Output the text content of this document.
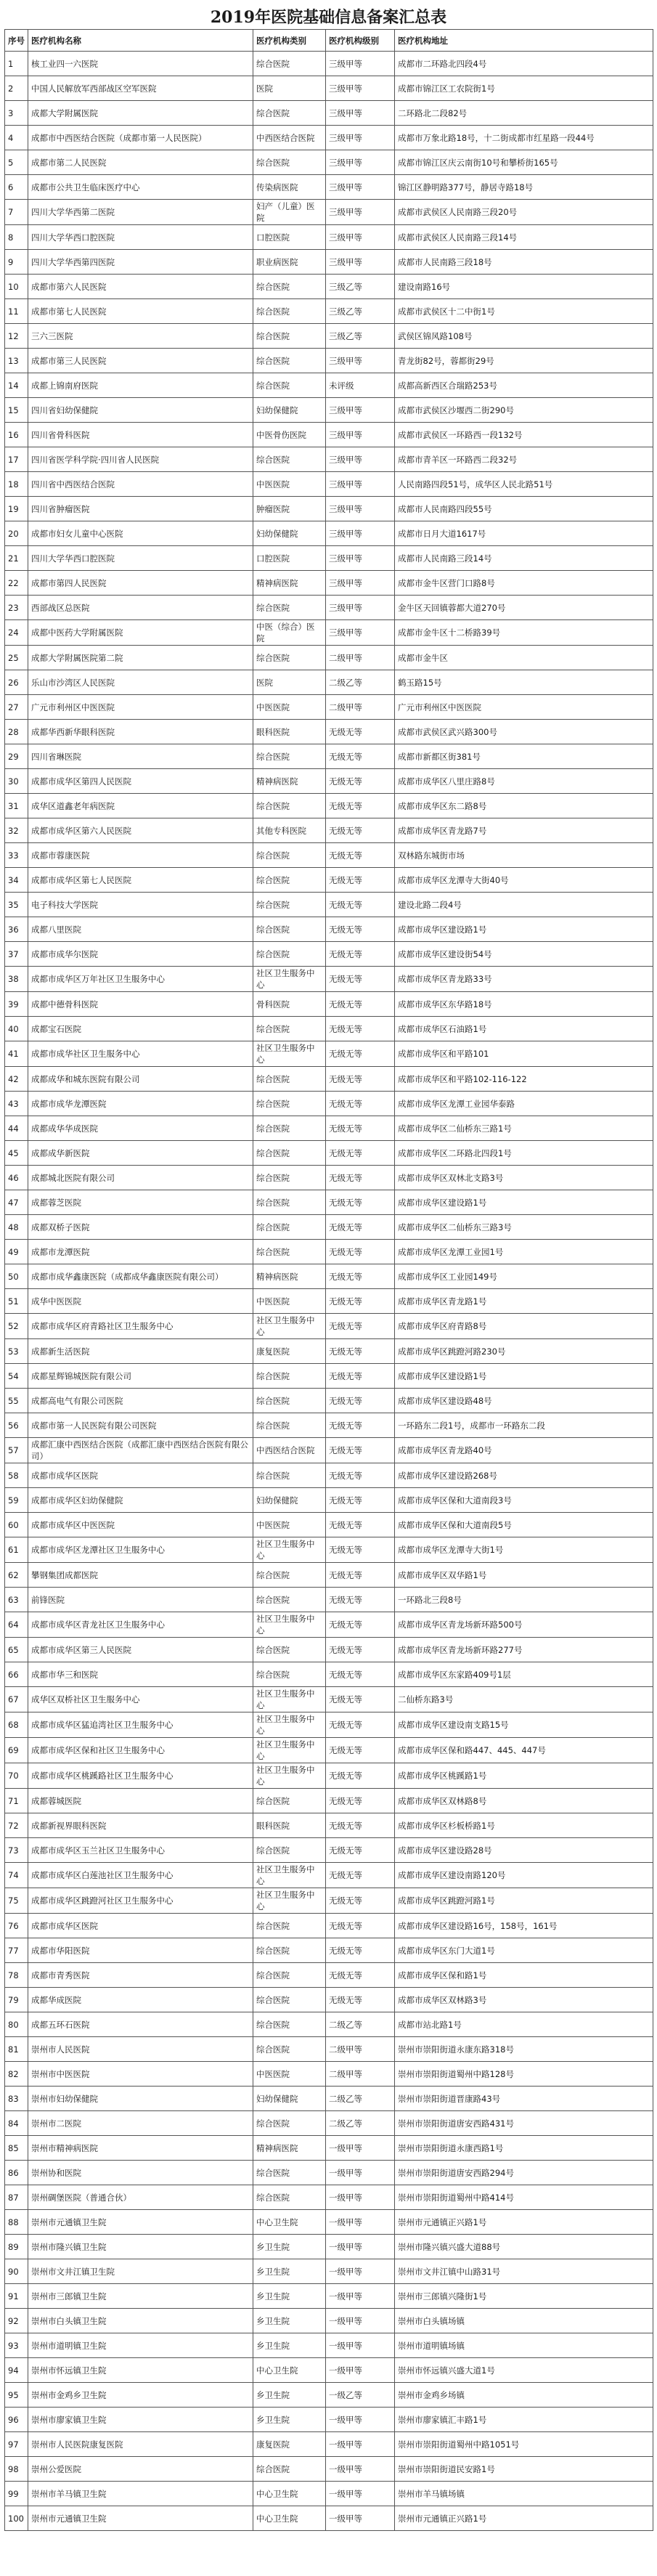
2019年医院基础信息备案汇总表
序号	医疗机构名称	医疗机构类别	医疗机构级别	医疗机构地址
1	核工业四一六医院	综合医院	三级甲等	成都市二环路北四段4号
2	中国人民解放军西部战区空军医院	医院	三级甲等	成都市锦江区工农院街1号
3	成都大学附属医院	综合医院	三级甲等	二环路北二段82号
4	成都市中西医结合医院（成都市第一人民医院）	中西医结合医院	三级甲等	成都市万象北路18号，十二街成都市红星路一段44号
5	成都市第二人民医院	综合医院	三级甲等	成都市锦江区庆云南街10号和攀桥街165号
6	成都市公共卫生临床医疗中心	传染病医院	三级甲等	锦江区静明路377号，静居寺路18号
7	四川大学华西第二医院	妇产（儿童）医院	三级甲等	成都市武侯区人民南路三段20号
8	四川大学华西口腔医院	口腔医院	三级甲等	成都市武侯区人民南路三段14号
9	四川大学华西第四医院	职业病医院	三级甲等	成都市人民南路三段18号
10	成都市第六人民医院	综合医院	三级乙等	建设南路16号
11	成都市第七人民医院	综合医院	三级乙等	成都市武侯区十二中街1号
12	三六三医院	综合医院	三级乙等	武侯区锦风路108号
13	成都市第三人民医院	综合医院	三级甲等	青龙街82号，蓉都街29号
14	成都上锦南府医院	综合医院	未评级	成都高新西区合瑞路253号
15	四川省妇幼保健院	妇幼保健院	三级甲等	成都市武侯区沙堰西二街290号
16	四川省骨科医院	中医骨伤医院	三级甲等	成都市武侯区一环路西一段132号
17	四川省医学科学院·四川省人民医院	综合医院	三级甲等	成都市青羊区一环路西二段32号
18	四川省中西医结合医院	中医医院	三级甲等	人民南路四段51号，成华区人民北路51号
19	四川省肿瘤医院	肿瘤医院	三级甲等	成都市人民南路四段55号
20	成都市妇女儿童中心医院	妇幼保健院	三级甲等	成都市日月大道1617号
21	四川大学华西口腔医院	口腔医院	三级甲等	成都市人民南路三段14号
22	成都市第四人民医院	精神病医院	三级甲等	成都市金牛区营门口路8号
23	西部战区总医院	综合医院	三级甲等	金牛区天回镇蓉都大道270号
24	成都中医药大学附属医院	中医（综合）医院	三级甲等	成都市金牛区十二桥路39号
25	成都大学附属医院第二院	综合医院	二级甲等	成都市金牛区
26	乐山市沙湾区人民医院	医院	二级乙等	鹤玉路15号
27	广元市利州区中医医院	中医医院	二级甲等	广元市利州区中医医院
28	成都华西新华眼科医院	眼科医院	无级无等	成都市武侯区武兴路300号
29	四川省琳医院	综合医院	无级无等	成都市新都区街381号
30	成都市成华区第四人民医院	精神病医院	无级无等	成都市成华区八里庄路8号
31	成华区道鑫老年病医院	综合医院	无级无等	成都市成华区东二路8号
32	成都市成华区第六人民医院	其他专科医院	无级无等	成都市成华区青龙路7号
33	成都市蓉康医院	综合医院	无级无等	双林路东城街市场
34	成都市成华区第七人民医院	综合医院	无级无等	成都市成华区龙潭寺大街40号
35	电子科技大学医院	综合医院	无级无等	建设北路二段4号
36	成都八里医院	综合医院	无级无等	成都市成华区建设路1号
37	成都市成华尔医院	综合医院	无级无等	成都市成华区建设街54号
38	成都市成华区万年社区卫生服务中心	社区卫生服务中心	无级无等	成都市成华区青龙路33号
39	成都中德骨科医院	骨科医院	无级无等	成都市成华区东华路18号
40	成都宝石医院	综合医院	无级无等	成都市成华区石油路1号
41	成都市成华社区卫生服务中心	社区卫生服务中心	无级无等	成都市成华区和平路101
42	成都成华和城东医院有限公司	综合医院	无级无等	成都市成华区和平路102-116-122
43	成都市成华龙潭医院	综合医院	无级无等	成都市成华区龙潭工业园华泰路
44	成都成华华成医院	综合医院	无级无等	成都市成华区二仙桥东三路1号
45	成都成华新医院	综合医院	无级无等	成都市成华区二环路北四段1号
46	成都城北医院有限公司	综合医院	无级无等	成都市成华区双林北支路3号
47	成都蓉芝医院	综合医院	无级无等	成都市成华区建设路1号
48	成都双桥子医院	综合医院	无级无等	成都市成华区二仙桥东三路3号
49	成都市龙潭医院	综合医院	无级无等	成都市成华区龙潭工业园1号
50	成都市成华鑫康医院（成都成华鑫康医院有限公司）	精神病医院	无级无等	成都市成华区工业园149号
51	成华中医医院	中医医院	无级无等	成都市成华区青龙路1号
52	成都市成华区府青路社区卫生服务中心	社区卫生服务中心	无级无等	成都市成华区府青路8号
53	成都新生活医院	康复医院	无级无等	成都市成华区跳蹬河路230号
54	成都星辉锦城医院有限公司	综合医院	无级无等	成都市成华区建设路1号
55	成都高电气有限公司医院	综合医院	无级无等	成都市成华区建设路48号
56	成都市第一人民医院有限公司医院	综合医院	无级无等	一环路东二段1号，成都市一环路东二段
57	成都汇康中西医结合医院（成都汇康中西医结合医院有限公司）	中西医结合医院	无级无等	成都市成华区青龙路40号
58	成都市成华区医院	综合医院	无级无等	成都市成华区建设路268号
59	成都市成华区妇幼保健院	妇幼保健院	无级无等	成都市成华区保和大道南段3号
60	成都市成华区中医医院	中医医院	无级无等	成都市成华区保和大道南段5号
61	成都市成华区龙潭社区卫生服务中心	社区卫生服务中心	无级无等	成都市成华区龙潭寺大街1号
62	攀钢集团成都医院	综合医院	无级无等	成都市成华区双华路1号
63	前锋医院	综合医院	无级无等	一环路北三段8号
64	成都市成华区青龙社区卫生服务中心	社区卫生服务中心	无级无等	成都市成华区青龙场新环路500号
65	成都市成华区第三人民医院	综合医院	无级无等	成都市成华区青龙场新环路277号
66	成都市华三和医院	综合医院	无级无等	成都市成华区东家路409号1层
67	成华区双桥社区卫生服务中心	社区卫生服务中心	无级无等	二仙桥东路3号
68	成都市成华区猛追湾社区卫生服务中心	社区卫生服务中心	无级无等	成都市成华区建设南支路15号
69	成都市成华区保和社区卫生服务中心	社区卫生服务中心	无级无等	成都市成华区保和路447、445、447号
70	成都市成华区桃蹊路社区卫生服务中心	社区卫生服务中心	无级无等	成都市成华区桃蹊路1号
71	成都蓉城医院	综合医院	无级无等	成都市成华区双林路8号
72	成都新视界眼科医院	眼科医院	无级无等	成都市成华区杉板桥路1号
73	成都市成华区玉兰社区卫生服务中心	综合医院	无级无等	成都市成华区建设路28号
74	成都市成华区白莲池社区卫生服务中心	社区卫生服务中心	无级无等	成都市成华区建设南路120号
75	成都市成华区跳蹬河社区卫生服务中心	社区卫生服务中心	无级无等	成都市成华区跳蹬河路1号
76	成都市成华区医院	综合医院	无级无等	成都市成华区建设路16号，158号，161号
77	成都市华阳医院	综合医院	无级无等	成都市成华区东门大道1号
78	成都市青秀医院	综合医院	无级无等	成都市成华区保和路1号
79	成都华成医院	综合医院	无级无等	成都市成华区双林路3号
80	成都五环石医院	综合医院	二级乙等	成都市站北路1号
81	崇州市人民医院	综合医院	二级甲等	崇州市崇阳街道永康东路318号
82	崇州市中医医院	中医医院	二级甲等	崇州市崇阳街道蜀州中路128号
83	崇州市妇幼保健院	妇幼保健院	二级乙等	崇州市崇阳街道晋康路43号
84	崇州市二医院	综合医院	二级乙等	崇州市崇阳街道唐安西路431号
85	崇州市精神病医院	精神病医院	一级甲等	崇州市崇阳街道永康西路1号
86	崇州协和医院	综合医院	一级甲等	崇州市崇阳街道唐安西路294号
87	崇州碉堡医院（普通合伙）	综合医院	一级甲等	崇州市崇阳街道蜀州中路414号
88	崇州市元通镇卫生院	中心卫生院	一级甲等	崇州市元通镇正兴路1号
89	崇州市隆兴镇卫生院	乡卫生院	一级甲等	崇州市隆兴镇兴盛大道88号
90	崇州市文井江镇卫生院	乡卫生院	一级甲等	崇州市文井江镇中山路31号
91	崇州市三郎镇卫生院	乡卫生院	一级甲等	崇州市三郎镇兴隆街1号
92	崇州市白头镇卫生院	乡卫生院	一级甲等	崇州市白头镇场镇
93	崇州市道明镇卫生院	乡卫生院	一级甲等	崇州市道明镇场镇
94	崇州市怀远镇卫生院	中心卫生院	一级甲等	崇州市怀远镇兴盛大道1号
95	崇州市金鸡乡卫生院	乡卫生院	一级乙等	崇州市金鸡乡场镇
96	崇州市廖家镇卫生院	乡卫生院	一级甲等	崇州市廖家镇汇丰路1号
97	崇州市人民医院康复医院	康复医院	一级甲等	崇州市崇阳街道蜀州中路1051号
98	崇州公爱医院	综合医院	一级甲等	崇州市崇阳街道民安路1号
99	崇州市羊马镇卫生院	中心卫生院	一级甲等	崇州市羊马镇场镇
100	崇州市元通镇卫生院	中心卫生院	一级甲等	崇州市元通镇正兴路1号
